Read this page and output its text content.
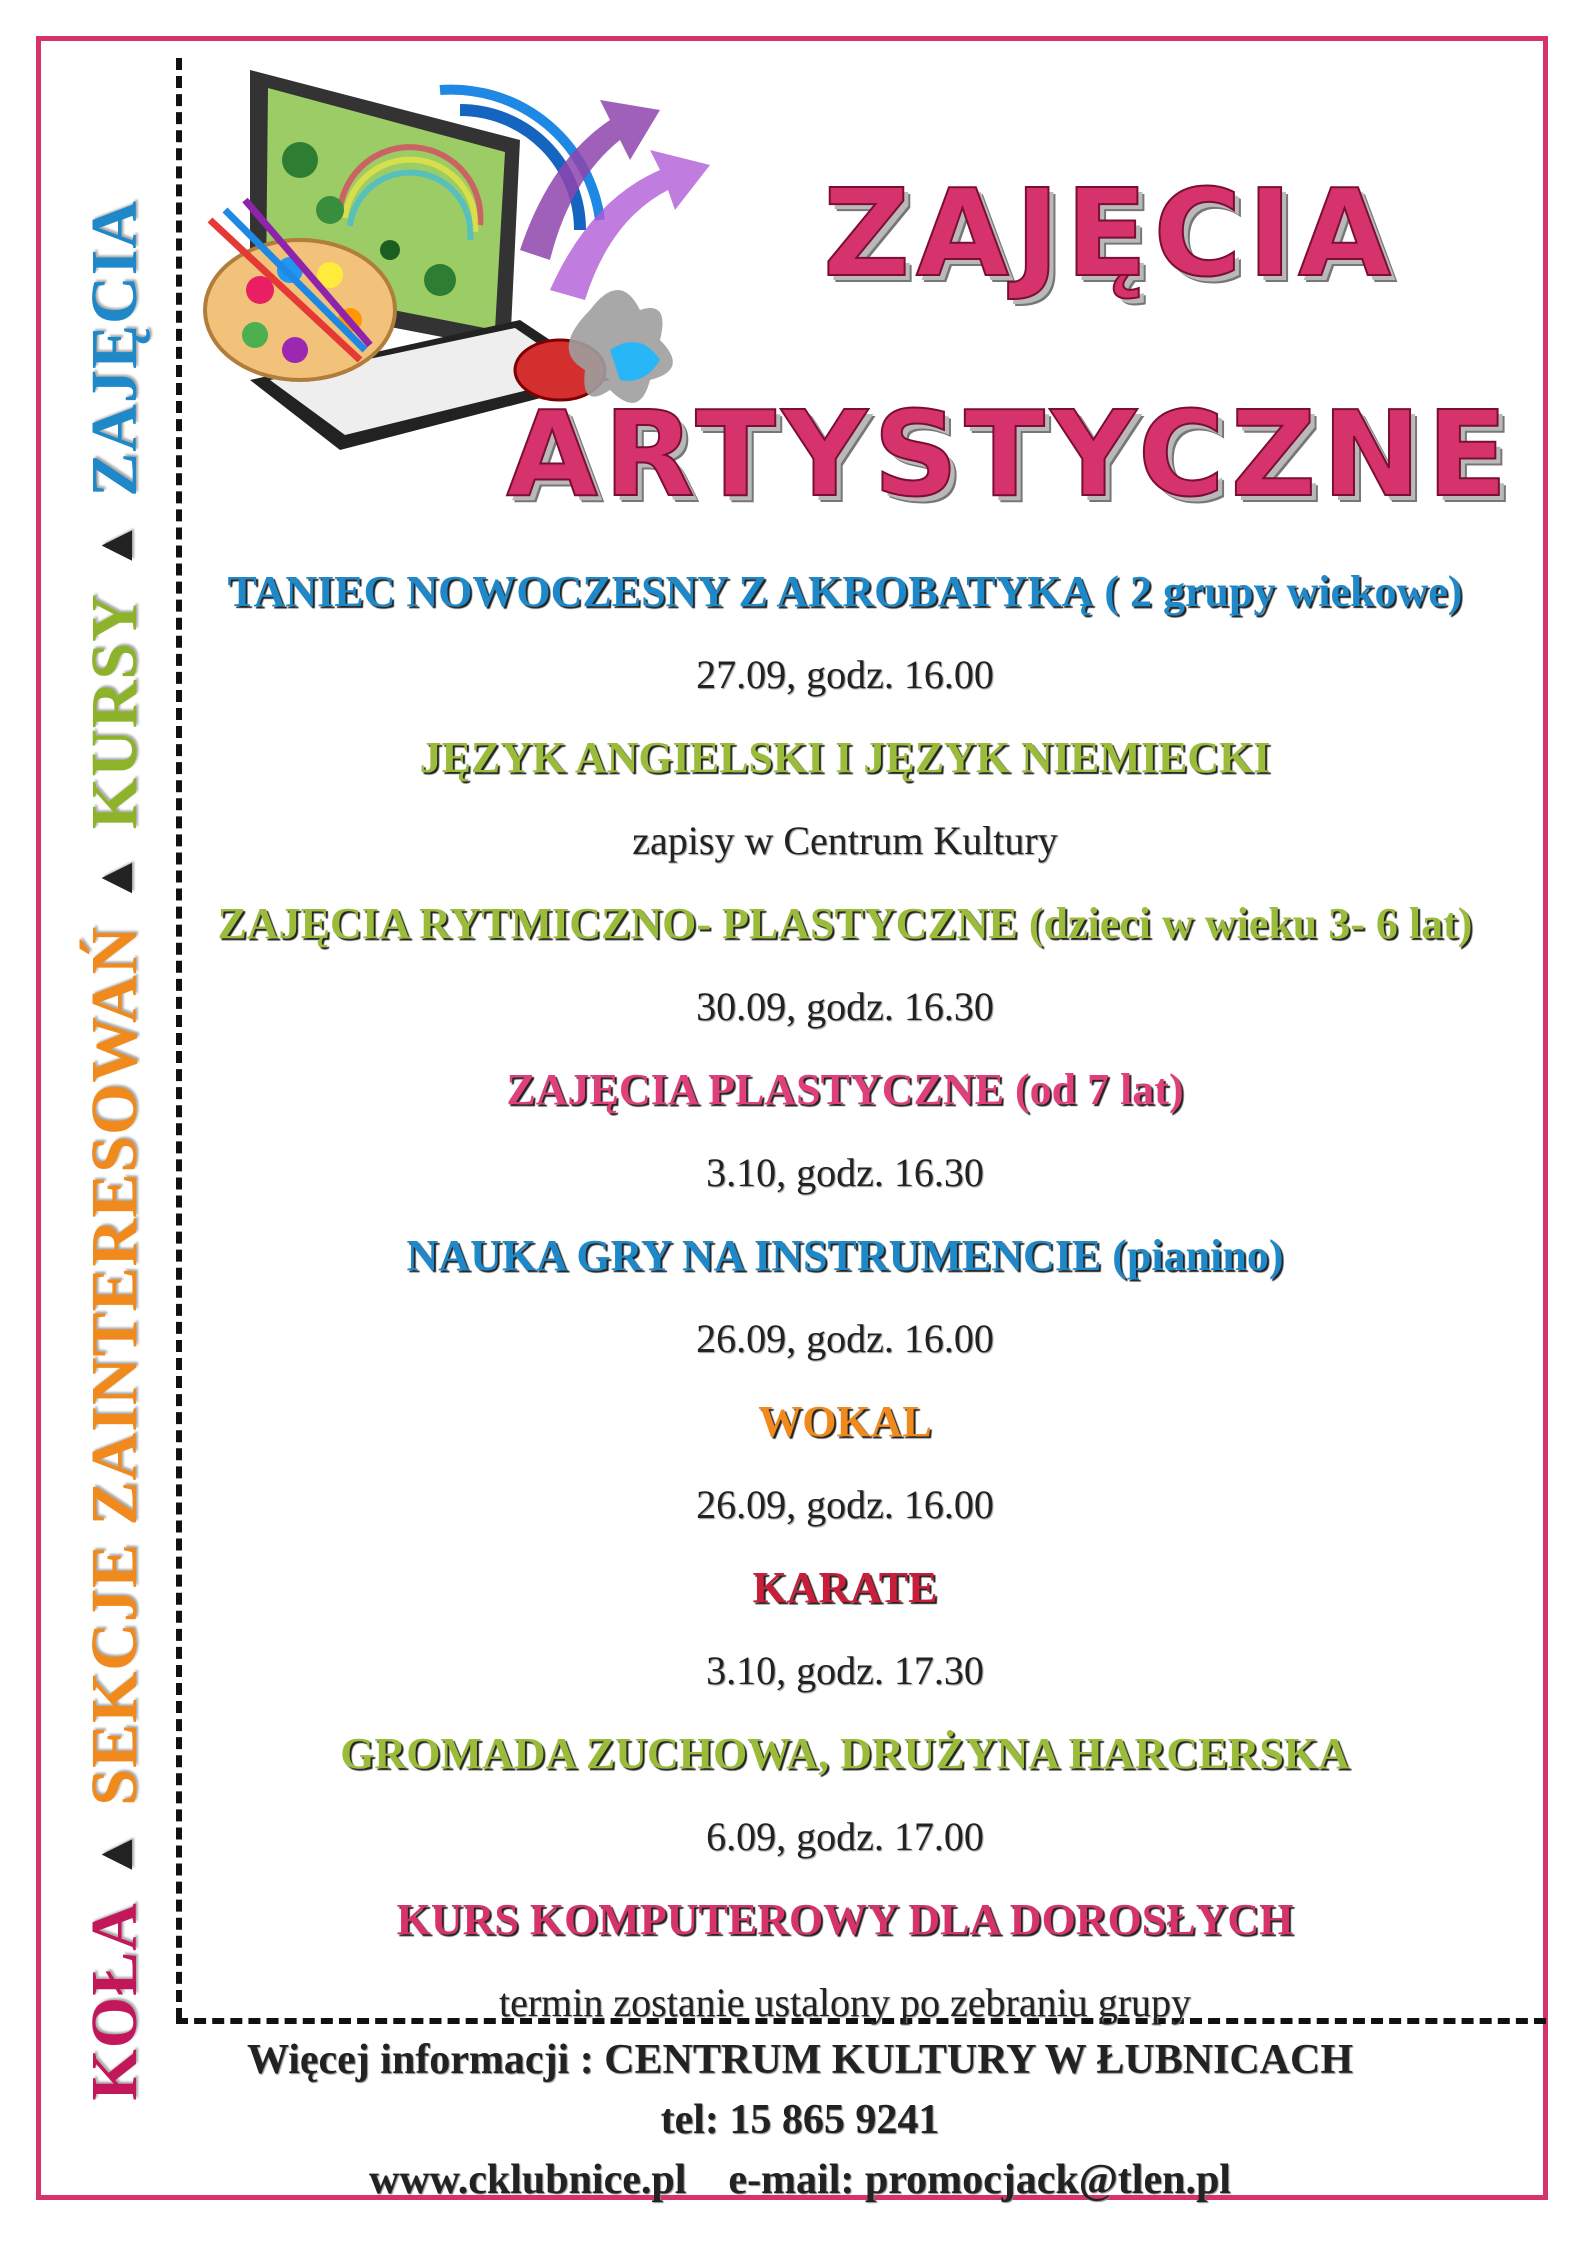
KOŁA
▲
SEKCJE ZAINTERESOWAŃ
▲
KURSY
▲
ZAJĘCIA	ZAJĘCIA
ARTYSTYCZNE
TANIEC NOWOCZESNY Z AKROBATYKĄ ( 2 grupy wiekowe)
27.09, godz. 16.00
JĘZYK ANGIELSKI I JĘZYK NIEMIECKI
zapisy w Centrum Kultury
ZAJĘCIA RYTMICZNO- PLASTYCZNE (dzieci w wieku 3- 6 lat)
30.09, godz. 16.30
ZAJĘCIA PLASTYCZNE (od 7 lat)
3.10, godz. 16.30
NAUKA GRY NA INSTRUMENCIE (pianino)
26.09, godz. 16.00
WOKAL
26.09, godz. 16.00
KARATE
3.10, godz. 17.30
GROMADA ZUCHOWA, DRUŻYNA HARCERSKA
6.09, godz. 17.00
KURS KOMPUTEROWY DLA DOROSŁYCH
termin zostanie ustalony po zebraniu grupy
Więcej informacji : CENTRUM KULTURY W ŁUBNICACH
tel: 15 865 9241
www.cklubnice.pl e-mail: promocjack@tlen.pl
